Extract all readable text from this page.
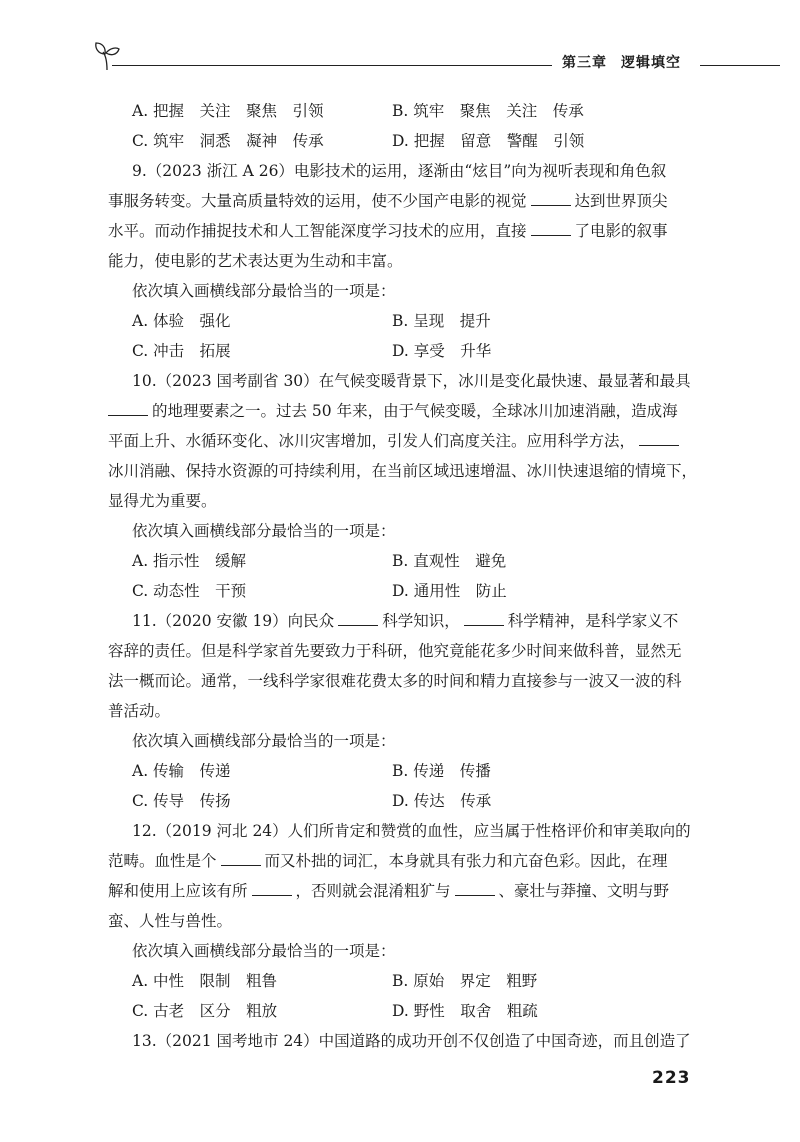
第三章 逻辑填空
A. 把握　关注　聚焦　引领	B. 筑牢　聚焦　关注　传承
C. 筑牢　洞悉　凝神　传承	D. 把握　留意　警醒　引领
9.（2023 浙江 A 26）电影技术的运用，逐渐由“炫目”向为视听表现和角色叙
事服务转变。大量高质量特效的运用，使不少国产电影的视觉	达到世界顶尖
水平。而动作捕捉技术和人工智能深度学习技术的应用，直接	了电影的叙事
能力，使电影的艺术表达更为生动和丰富。
依次填入画横线部分最恰当的一项是：
A. 体验　强化	B. 呈现　提升
C. 冲击　拓展	D. 享受　升华
10.（2023 国考副省 30）在气候变暖背景下，冰川是变化最快速、最显著和最具
的地理要素之一。过去 50 年来，由于气候变暖，全球冰川加速消融，造成海
平面上升、水循环变化、冰川灾害增加，引发人们高度关注。应用科学方法，
冰川消融、保持水资源的可持续利用，在当前区域迅速增温、冰川快速退缩的情境下，
显得尤为重要。
依次填入画横线部分最恰当的一项是：
A. 指示性　缓解	B. 直观性　避免
C. 动态性　干预	D. 通用性　防止
11.（2020 安徽 19）向民众	科学知识，	科学精神，是科学家义不
容辞的责任。但是科学家首先要致力于科研，他究竟能花多少时间来做科普，显然无
法一概而论。通常，一线科学家很难花费太多的时间和精力直接参与一波又一波的科
普活动。
依次填入画横线部分最恰当的一项是：
A. 传输　传递	B. 传递　传播
C. 传导　传扬	D. 传达　传承
12.（2019 河北 24）人们所肯定和赞赏的血性，应当属于性格评价和审美取向的
范畴。血性是个	而又朴拙的词汇，本身就具有张力和亢奋色彩。因此，在理
解和使用上应该有所	，否则就会混淆粗犷与	、豪壮与莽撞、文明与野
蛮、人性与兽性。
依次填入画横线部分最恰当的一项是：
A. 中性　限制　粗鲁	B. 原始　界定　粗野
C. 古老　区分　粗放	D. 野性　取舍　粗疏
13.（2021 国考地市 24）中国道路的成功开创不仅创造了中国奇迹，而且创造了
223
